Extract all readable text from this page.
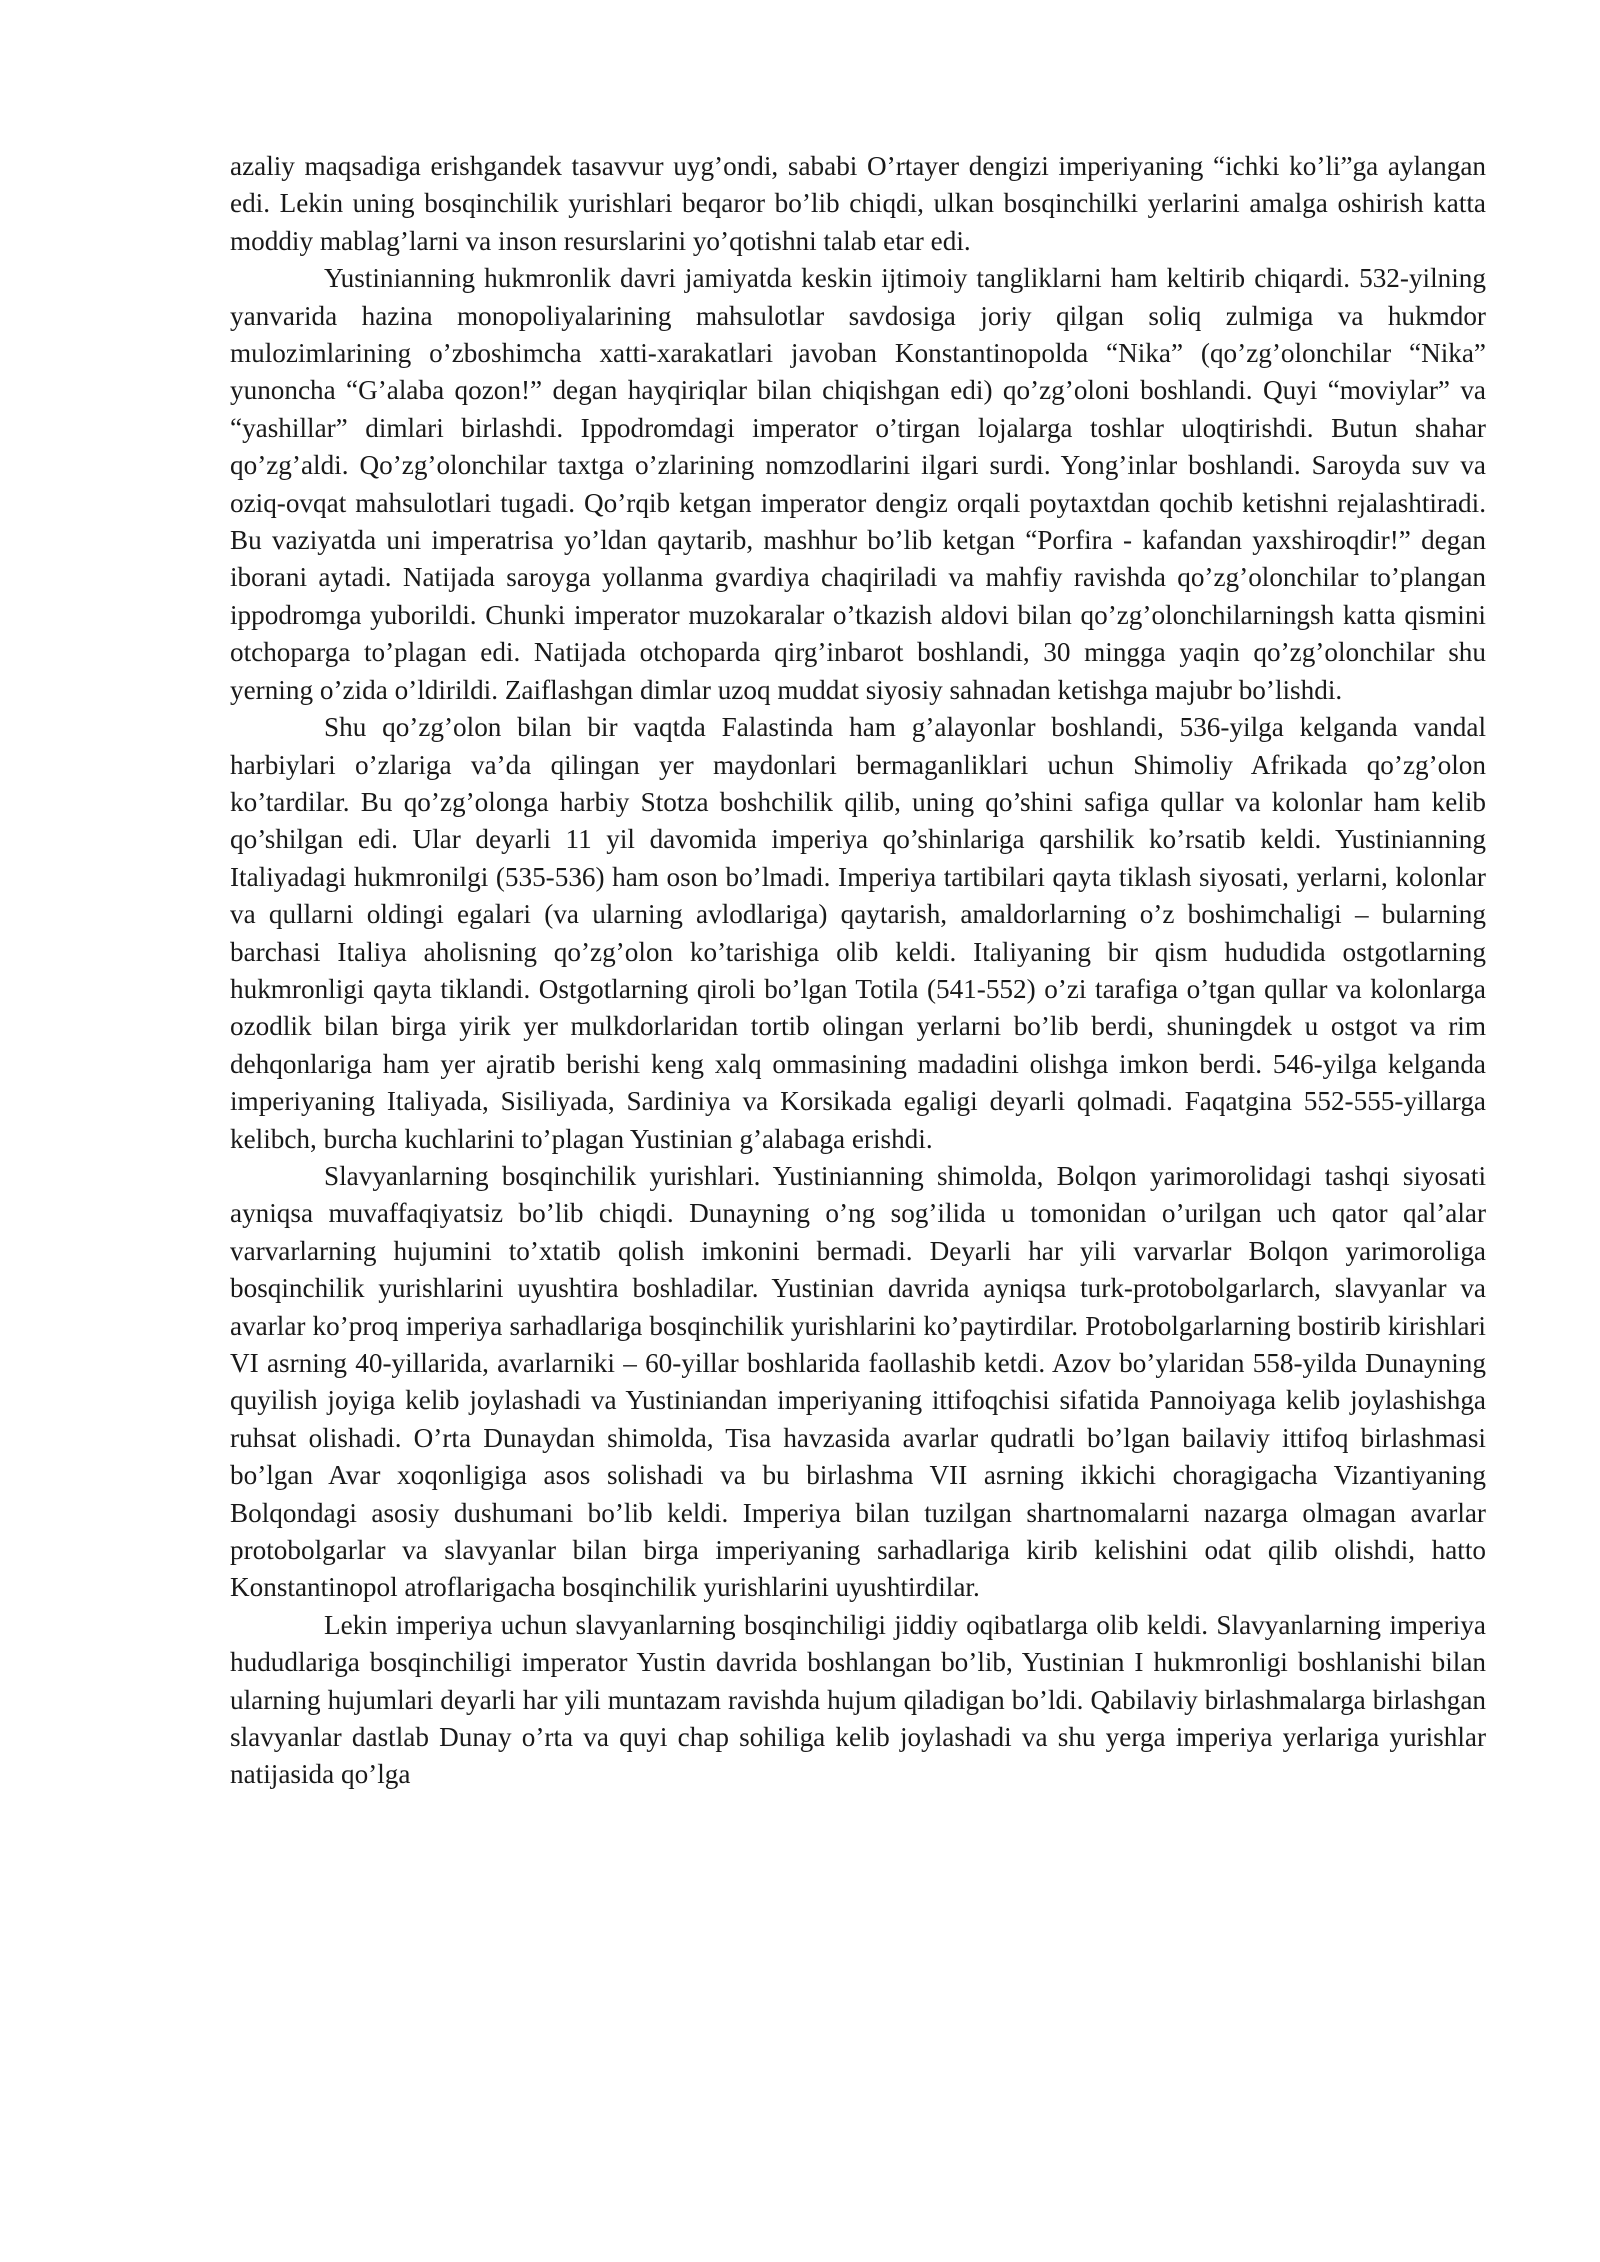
azaliy maqsadiga erishgandek tasavvur uyg’ondi, sababi O’rtayer dengizi imperiyaning “ichki ko’li”ga aylangan edi. Lekin uning bosqinchilik yurishlari beqaror bo’lib chiqdi, ulkan bosqinchilki yerlarini amalga oshirish katta moddiy mablag’larni va inson resurslarini yo’qotishni talab etar edi.

Yustinianning hukmronlik davri jamiyatda keskin ijtimoiy tangliklarni ham keltirib chiqardi. 532-yilning yanvarida hazina monopoliyalarining mahsulotlar savdosiga joriy qilgan soliq zulmiga va hukmdor mulozimlarining o’zboshimcha xatti-xarakatlari javoban Konstantinopolda “Nika” (qo’zg’olonchilar “Nika” yunoncha “G’alaba qozon!” degan hayqiriqlar bilan chiqishgan edi) qo’zg’oloni boshlandi. Quyi “moviylar” va “yashillar” dimlari birlashdi. Ippodromdagi imperator o’tirgan lojalarga toshlar uloqtirishdi. Butun shahar qo’zg’aldi. Qo’zg’olonchilar taxtga o’zlarining nomzodlarini ilgari surdi. Yong’inlar boshlandi. Saroyda suv va oziq-ovqat mahsulotlari tugadi. Qo’rqib ketgan imperator dengiz orqali poytaxtdan qochib ketishni rejalashtiradi. Bu vaziyatda uni imperatrisa yo’ldan qaytarib, mashhur bo’lib ketgan “Porfira - kafandan yaxshiroqdir!” degan iborani aytadi. Natijada saroyga yollanma gvardiya chaqiriladi va mahfiy ravishda qo’zg’olonchilar to’plangan ippodromga yuborildi. Chunki imperator muzokaralar o’tkazish aldovi bilan qo’zg’olonchilarningsh katta qismini otchoparga to’plagan edi. Natijada otchoparda qirg’inbarot boshlandi, 30 mingga yaqin qo’zg’olonchilar shu yerning o’zida o’ldirildi. Zaiflashgan dimlar uzoq muddat siyosiy sahnadan ketishga majubr bo’lishdi.

Shu qo’zg’olon bilan bir vaqtda Falastinda ham g’alayonlar boshlandi, 536-yilga kelganda vandal harbiylari o’zlariga va’da qilingan yer maydonlari bermaganliklari uchun Shimoliy Afrikada qo’zg’olon ko’tardilar. Bu qo’zg’olonga harbiy Stotza boshchilik qilib, uning qo’shini safiga qullar va kolonlar ham kelib qo’shilgan edi. Ular deyarli 11 yil davomida imperiya qo’shinlariga qarshilik ko’rsatib keldi. Yustinianning Italiyadagi hukmronilgi (535-536) ham oson bo’lmadi. Imperiya tartibilari qayta tiklash siyosati, yerlarni, kolonlar va qullarni oldingi egalari (va ularning avlodlariga) qaytarish, amaldorlarning o’z boshimchaligi – bularning barchasi Italiya aholisning qo’zg’olon ko’tarishiga olib keldi. Italiyaning bir qism hududida ostgotlarning hukmronligi qayta tiklandi. Ostgotlarning qiroli bo’lgan Totila (541-552) o’zi tarafiga o’tgan qullar va kolonlarga ozodlik bilan birga yirik yer mulkdorlaridan tortib olingan yerlarni bo’lib berdi, shuningdek u ostgot va rim dehqonlariga ham yer ajratib berishi keng xalq ommasining madadini olishga imkon berdi. 546-yilga kelganda imperiyaning Italiyada, Sisiliyada, Sardiniya va Korsikada egaligi deyarli qolmadi. Faqatgina 552-555-yillarga kelibch, burcha kuchlarini to’plagan Yustinian g’alabaga erishdi.

Slavyanlarning bosqinchilik yurishlari. Yustinianning shimolda, Bolqon yarimorolidagi tashqi siyosati ayniqsa muvaffaqiyatsiz bo’lib chiqdi. Dunayning o’ng sog’ilida u tomonidan o’urilgan uch qator qal’alar varvarlarning hujumini to’xtatib qolish imkonini bermadi. Deyarli har yili varvarlar Bolqon yarimoroliga bosqinchilik yurishlarini uyushtira boshladilar. Yustinian davrida ayniqsa turk-protobolgarlarch, slavyanlar va avarlar ko’proq imperiya sarhadlariga bosqinchilik yurishlarini ko’paytirdilar. Protobolgarlarning bostirib kirishlari VI asrning 40-yillarida, avarlarniki – 60-yillar boshlarida faollashib ketdi. Azov bo’ylaridan 558-yilda Dunayning quyilish joyiga kelib joylashadi va Yustiniandan imperiyaning ittifoqchisi sifatida Pannoiyaga kelib joylashishga ruhsat olishadi. O’rta Dunaydan shimolda, Tisa havzasida avarlar qudratli bo’lgan bailaviy ittifoq birlashmasi bo’lgan Avar xoqonligiga asos solishadi va bu birlashma VII asrning ikkichi choragigacha Vizantiyaning Bolqondagi asosiy dushumani bo’lib keldi. Imperiya bilan tuzilgan shartnomalarni nazarga olmagan avarlar protobolgarlar va slavyanlar bilan birga imperiyaning sarhadlariga kirib kelishini odat qilib olishdi, hatto Konstantinopol atroflarigacha bosqinchilik yurishlarini uyushtirdilar.

Lekin imperiya uchun slavyanlarning bosqinchiligi jiddiy oqibatlarga olib keldi. Slavyanlarning imperiya hududlariga bosqinchiligi imperator Yustin davrida boshlangan bo’lib, Yustinian I hukmronligi boshlanishi bilan ularning hujumlari deyarli har yili muntazam ravishda hujum qiladigan bo’ldi. Qabilaviy birlashmalarga birlashgan slavyanlar dastlab Dunay o’rta va quyi chap sohiliga kelib joylashadi va shu yerga imperiya yerlariga yurishlar natijasida qo’lga
